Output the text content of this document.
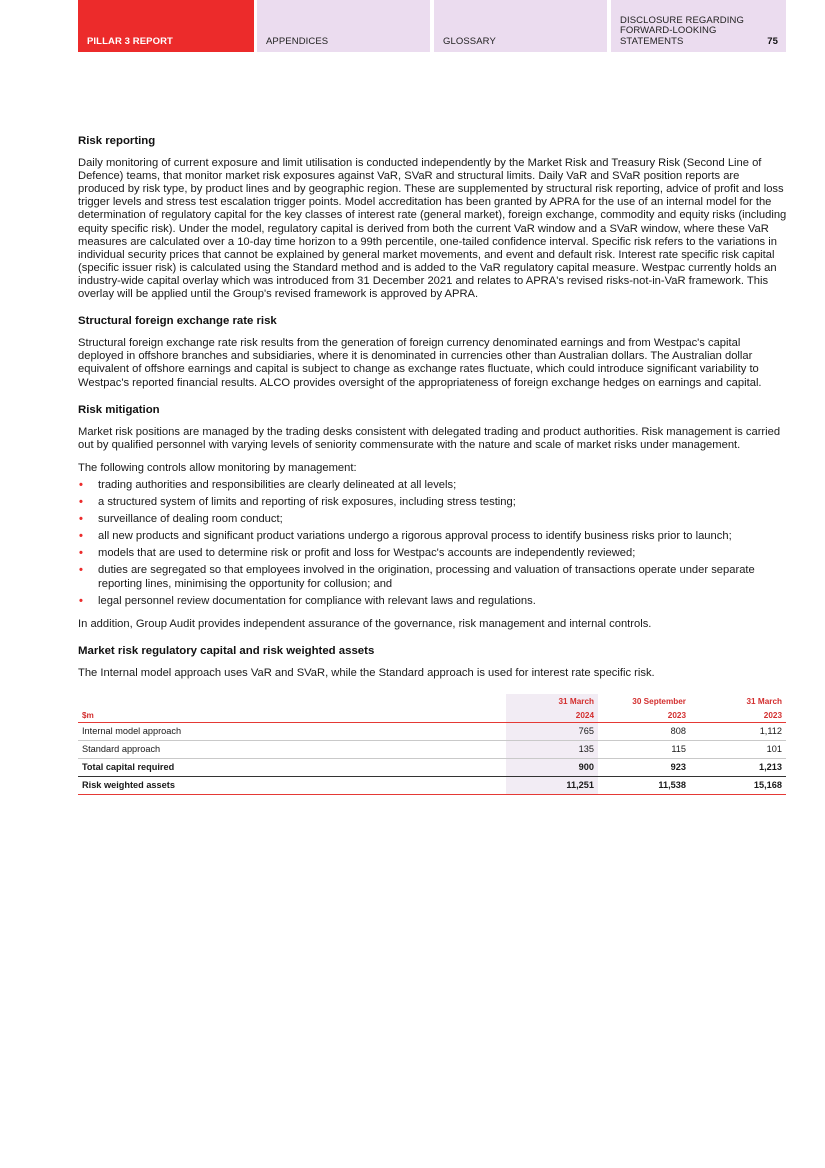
PILLAR 3 REPORT	APPENDICES	GLOSSARY
DISCLOSURE REGARDING FORWARD-LOOKING STATEMENTS	75
Risk reporting

Daily monitoring of current exposure and limit utilisation is conducted independently by the Market Risk and Treasury Risk (Second Line of Defence) teams, that monitor market risk exposures against VaR, SVaR and structural limits. Daily VaR and SVaR position reports are produced by risk type, by product lines and by geographic region. These are supplemented by structural risk reporting, advice of profit and loss trigger levels and stress test escalation trigger points. Model accreditation has been granted by APRA for the use of an internal model for the determination of regulatory capital for the key classes of interest rate (general market), foreign exchange, commodity and equity risks (including equity specific risk). Under the model, regulatory capital is derived from both the current VaR window and a SVaR window, where these VaR measures are calculated over a 10-day time horizon to a 99th percentile, one-tailed confidence interval. Specific risk refers to the variations in individual security prices that cannot be explained by general market movements, and event and default risk. Interest rate specific risk capital (specific issuer risk) is calculated using the Standard method and is added to the VaR regulatory capital measure. Westpac currently holds an industry-wide capital overlay which was introduced from 31 December 2021 and relates to APRA's revised risks-not-in-VaR framework. This overlay will be applied until the Group's revised framework is approved by APRA.

Structural foreign exchange rate risk

Structural foreign exchange rate risk results from the generation of foreign currency denominated earnings and from Westpac's capital deployed in offshore branches and subsidiaries, where it is denominated in currencies other than Australian dollars. The Australian dollar equivalent of offshore earnings and capital is subject to change as exchange rates fluctuate, which could introduce significant variability to Westpac's reported financial results. ALCO provides oversight of the appropriateness of foreign exchange hedges on earnings and capital.

Risk mitigation

Market risk positions are managed by the trading desks consistent with delegated trading and product authorities. Risk management is carried out by qualified personnel with varying levels of seniority commensurate with the nature and scale of market risks under management.

The following controls allow monitoring by management:

• trading authorities and responsibilities are clearly delineated at all levels;
• a structured system of limits and reporting of risk exposures, including stress testing;
• surveillance of dealing room conduct;
• all new products and significant product variations undergo a rigorous approval process to identify business risks prior to launch;
• models that are used to determine risk or profit and loss for Westpac's accounts are independently reviewed;
• duties are segregated so that employees involved in the origination, processing and valuation of transactions operate under separate reporting lines, minimising the opportunity for collusion; and
• legal personnel review documentation for compliance with relevant laws and regulations.

In addition, Group Audit provides independent assurance of the governance, risk management and internal controls.

Market risk regulatory capital and risk weighted assets

The Internal model approach uses VaR and SVaR, while the Standard approach is used for interest rate specific risk.

	31 March	30 September	31 March
$m	2024	2023	2023
Internal model approach	765	808	1,112
Standard approach	135	115	101
Total capital required	900	923	1,213
Risk weighted assets	11,251	11,538	15,168
